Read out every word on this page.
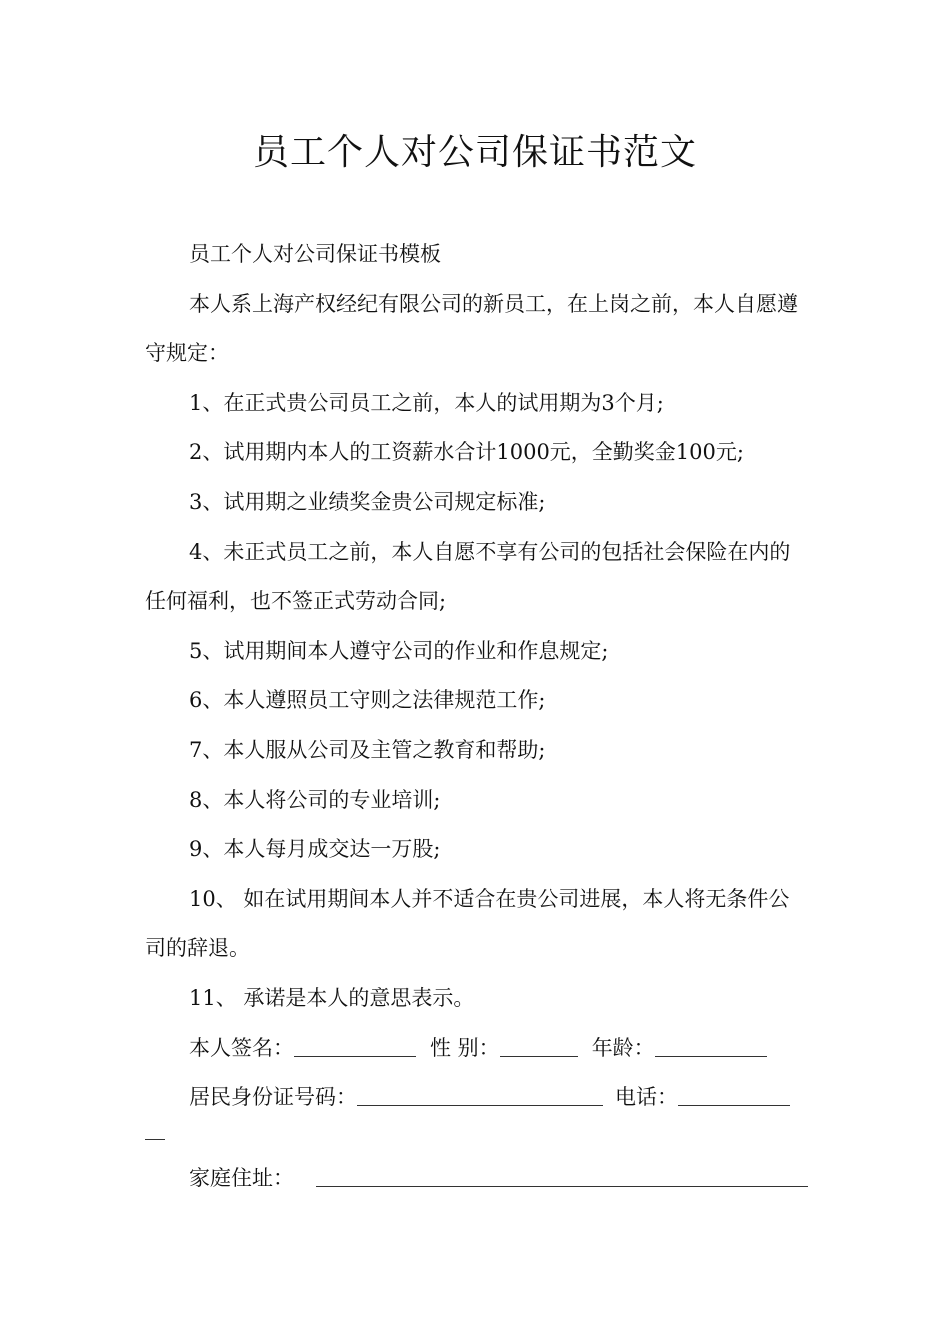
员工个人对公司保证书范文

员工个人对公司保证书模板

本人系上海产权经纪有限公司的新员工，在上岗之前，本人自愿遵守规定：

1、在正式贵公司员工之前，本人的试用期为3个月;

2、试用期内本人的工资薪水合计1000元，全勤奖金100元;

3、试用期之业绩奖金贵公司规定标准;

4、未正式员工之前，本人自愿不享有公司的包括社会保险在内的任何福利，也不签正式劳动合同;

5、试用期间本人遵守公司的作业和作息规定;

6、本人遵照员工守则之法律规范工作;

7、本人服从公司及主管之教育和帮助;

8、本人将公司的专业培训;

9、本人每月成交达一万股;

10、 如在试用期间本人并不适合在贵公司进展，本人将无条件公司的辞退。

11、 承诺是本人的意思表示。

本人签名：	性 别：	年龄：

居民身份证号码：	电话：

家庭住址：
